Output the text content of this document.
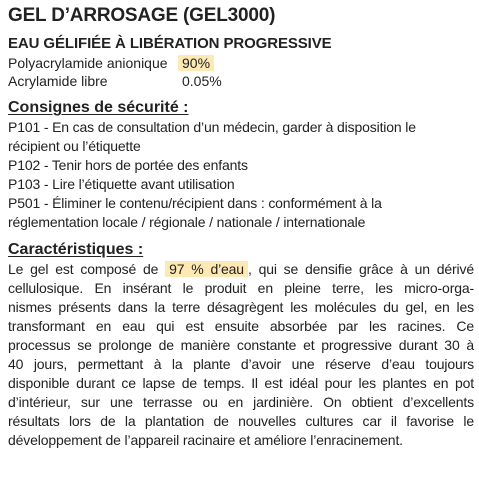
GEL D’ARROSAGE (GEL3000)
EAU GÉLIFIÉE À LIBÉRATION PROGRESSIVE
Polyacrylamide anionique	90%
Acrylamide libre	0.05%
Consignes de sécurité :
P101 - En cas de consultation d’un médecin, garder à disposition le
récipient ou l’étiquette
P102 - Tenir hors de portée des enfants
P103 - Lire l’étiquette avant utilisation
P501 - Éliminer le contenu/récipient dans : conformément à la
réglementation locale / régionale / nationale / internationale
Caractéristiques :
Le gel est composé de 97 % d’eau , qui se densifie grâce à un dérivé
cellulosique. En insérant le produit en pleine terre, les micro-orga-
nismes présents dans la terre désagrègent les molécules du gel, en les
transformant en eau qui est ensuite absorbée par les racines. Ce
processus se prolonge de manière constante et progressive durant 30 à
40 jours, permettant à la plante d’avoir une réserve d’eau toujours
disponible durant ce lapse de temps. Il est idéal pour les plantes en pot
d’intérieur, sur une terrasse ou en jardinière. On obtient d’excellents
résultats lors de la plantation de nouvelles cultures car il favorise le
développement de l’appareil racinaire et améliore l’enracinement.
